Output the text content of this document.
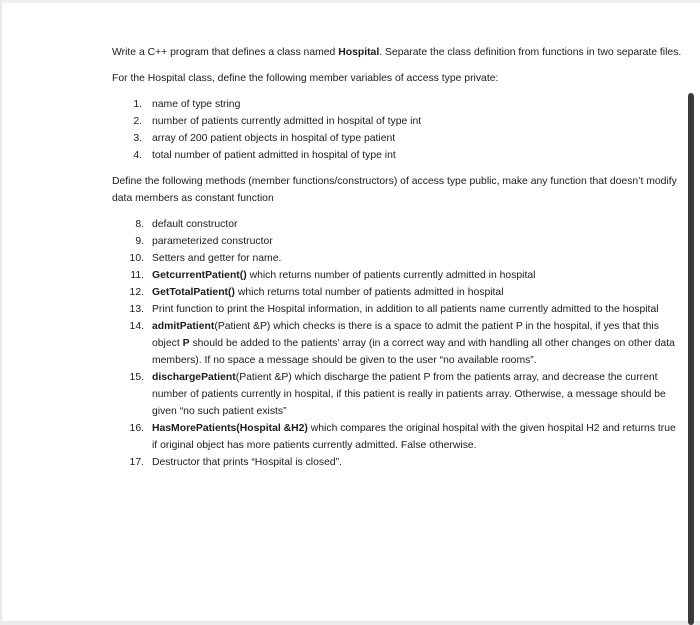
Write a C++ program that defines a class named Hospital. Separate the class definition from functions in two separate files.

For the Hospital class, define the following member variables of access type private:

1. name of type string
2. number of patients currently admitted in hospital of type int
3. array of 200 patient objects in hospital of type patient
4. total number of patient admitted in hospital of type int

Define the following methods (member functions/constructors) of access type public, make any function that doesn’t modify data members as constant function

8. default constructor
9. parameterized constructor
10. Setters and getter for name.
11. GetcurrentPatient() which returns number of patients currently admitted in hospital
12. GetTotalPatient() which returns total number of patients admitted in hospital
13. Print function to print the Hospital information, in addition to all patients name currently admitted to the hospital
14. admitPatient(Patient &P) which checks is there is a space to admit the patient P in the hospital, if yes that this object P should be added to the patients’ array (in a correct way and with handling all other changes on other data members). If no space a message should be given to the user “no available rooms”.
15. dischargePatient(Patient &P) which discharge the patient P from the patients array, and decrease the current number of patients currently in hospital, if this patient is really in patients array. Otherwise, a message should be given “no such patient exists”
16. HasMorePatients(Hospital &H2) which compares the original hospital with the given hospital H2 and returns true if original object has more patients currently admitted. False otherwise.
17. Destructor that prints “Hospital is closed”.
